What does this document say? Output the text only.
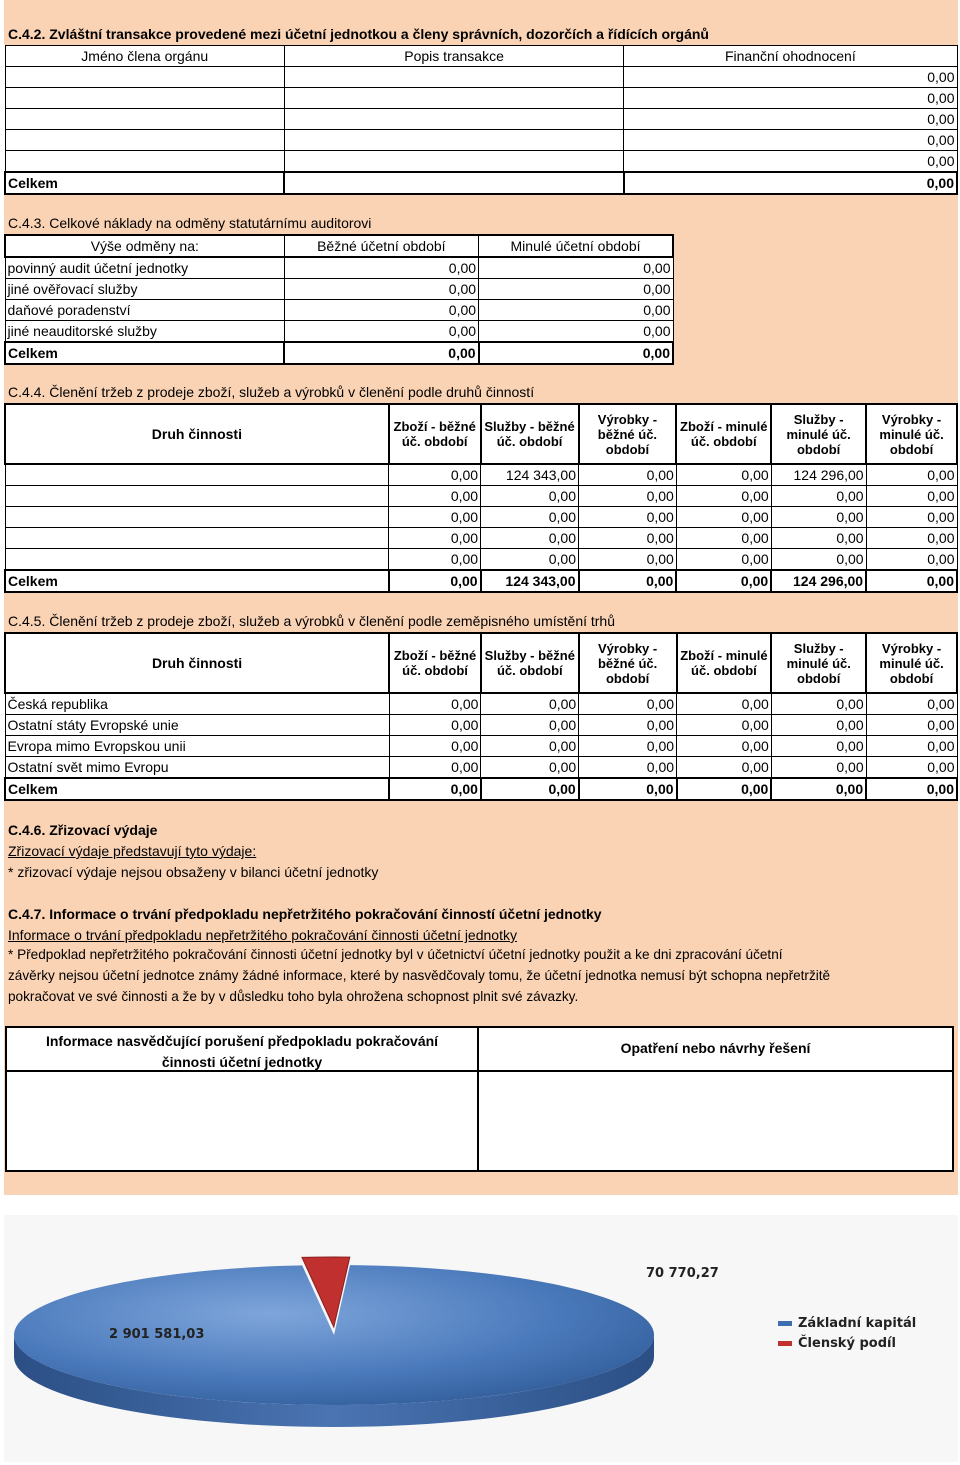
C.4.2. Zvláštní transakce provedené mezi účetní jednotkou a členy správních, dozorčích a řídících orgánů
Jméno člena orgánu	Popis transakce	Finanční ohodnocení
		0,00
		0,00
		0,00
		0,00
		0,00
Celkem		0,00
C.4.3. Celkové náklady na odměny statutárnímu auditorovi
Výše odměny na:	Běžné účetní období	Minulé účetní období
povinný audit účetní jednotky	0,00	0,00
jiné ověřovací služby	0,00	0,00
daňové poradenství	0,00	0,00
jiné neauditorské služby	0,00	0,00
Celkem	0,00	0,00
C.4.4. Členění tržeb z prodeje zboží, služeb a výrobků v členění podle druhů činností
Druh činnosti	Zboží - běžné úč. období	Služby - běžné úč. období	Výrobky - běžné úč. období	Zboží - minulé úč. období	Služby - minulé úč. období	Výrobky - minulé úč. období
	0,00	124 343,00	0,00	0,00	124 296,00	0,00
	0,00	0,00	0,00	0,00	0,00	0,00
	0,00	0,00	0,00	0,00	0,00	0,00
	0,00	0,00	0,00	0,00	0,00	0,00
	0,00	0,00	0,00	0,00	0,00	0,00
Celkem	0,00	124 343,00	0,00	0,00	124 296,00	0,00
C.4.5. Členění tržeb z prodeje zboží, služeb a výrobků v členění podle zeměpisného umístění trhů
Druh činnosti	Zboží - běžné úč. období	Služby - běžné úč. období	Výrobky - běžné úč. období	Zboží - minulé úč. období	Služby - minulé úč. období	Výrobky - minulé úč. období
Česká republika	0,00	0,00	0,00	0,00	0,00	0,00
Ostatní státy Evropské unie	0,00	0,00	0,00	0,00	0,00	0,00
Evropa mimo Evropskou unii	0,00	0,00	0,00	0,00	0,00	0,00
Ostatní svět mimo Evropu	0,00	0,00	0,00	0,00	0,00	0,00
Celkem	0,00	0,00	0,00	0,00	0,00	0,00
C.4.6. Zřizovací výdaje
Zřizovací výdaje představují tyto výdaje:
* zřizovací výdaje nejsou obsaženy v bilanci účetní jednotky
C.4.7. Informace o trvání předpokladu nepřetržitého pokračování činností účetní jednotky
Informace o trvání předpokladu nepřetržitého pokračování činnosti účetní jednotky
* Předpoklad nepřetržitého pokračování činnosti účetní jednotky byl v účetnictví účetní jednotky použit a ke dni zpracování účetní
závěrky nejsou účetní jednotce známy žádné informace, které by nasvědčovaly tomu, že účetní jednotka nemusí být schopna nepřetržitě
pokračovat ve své činnosti a že by v důsledku toho byla ohrožena schopnost plnit své závazky.
Informace nasvědčující porušení předpokladu pokračování
činnosti účetní jednotky
Opatření nebo návrhy řešení
2 901 581,03
70 770,27
Základní kapitál
Členský podíl
